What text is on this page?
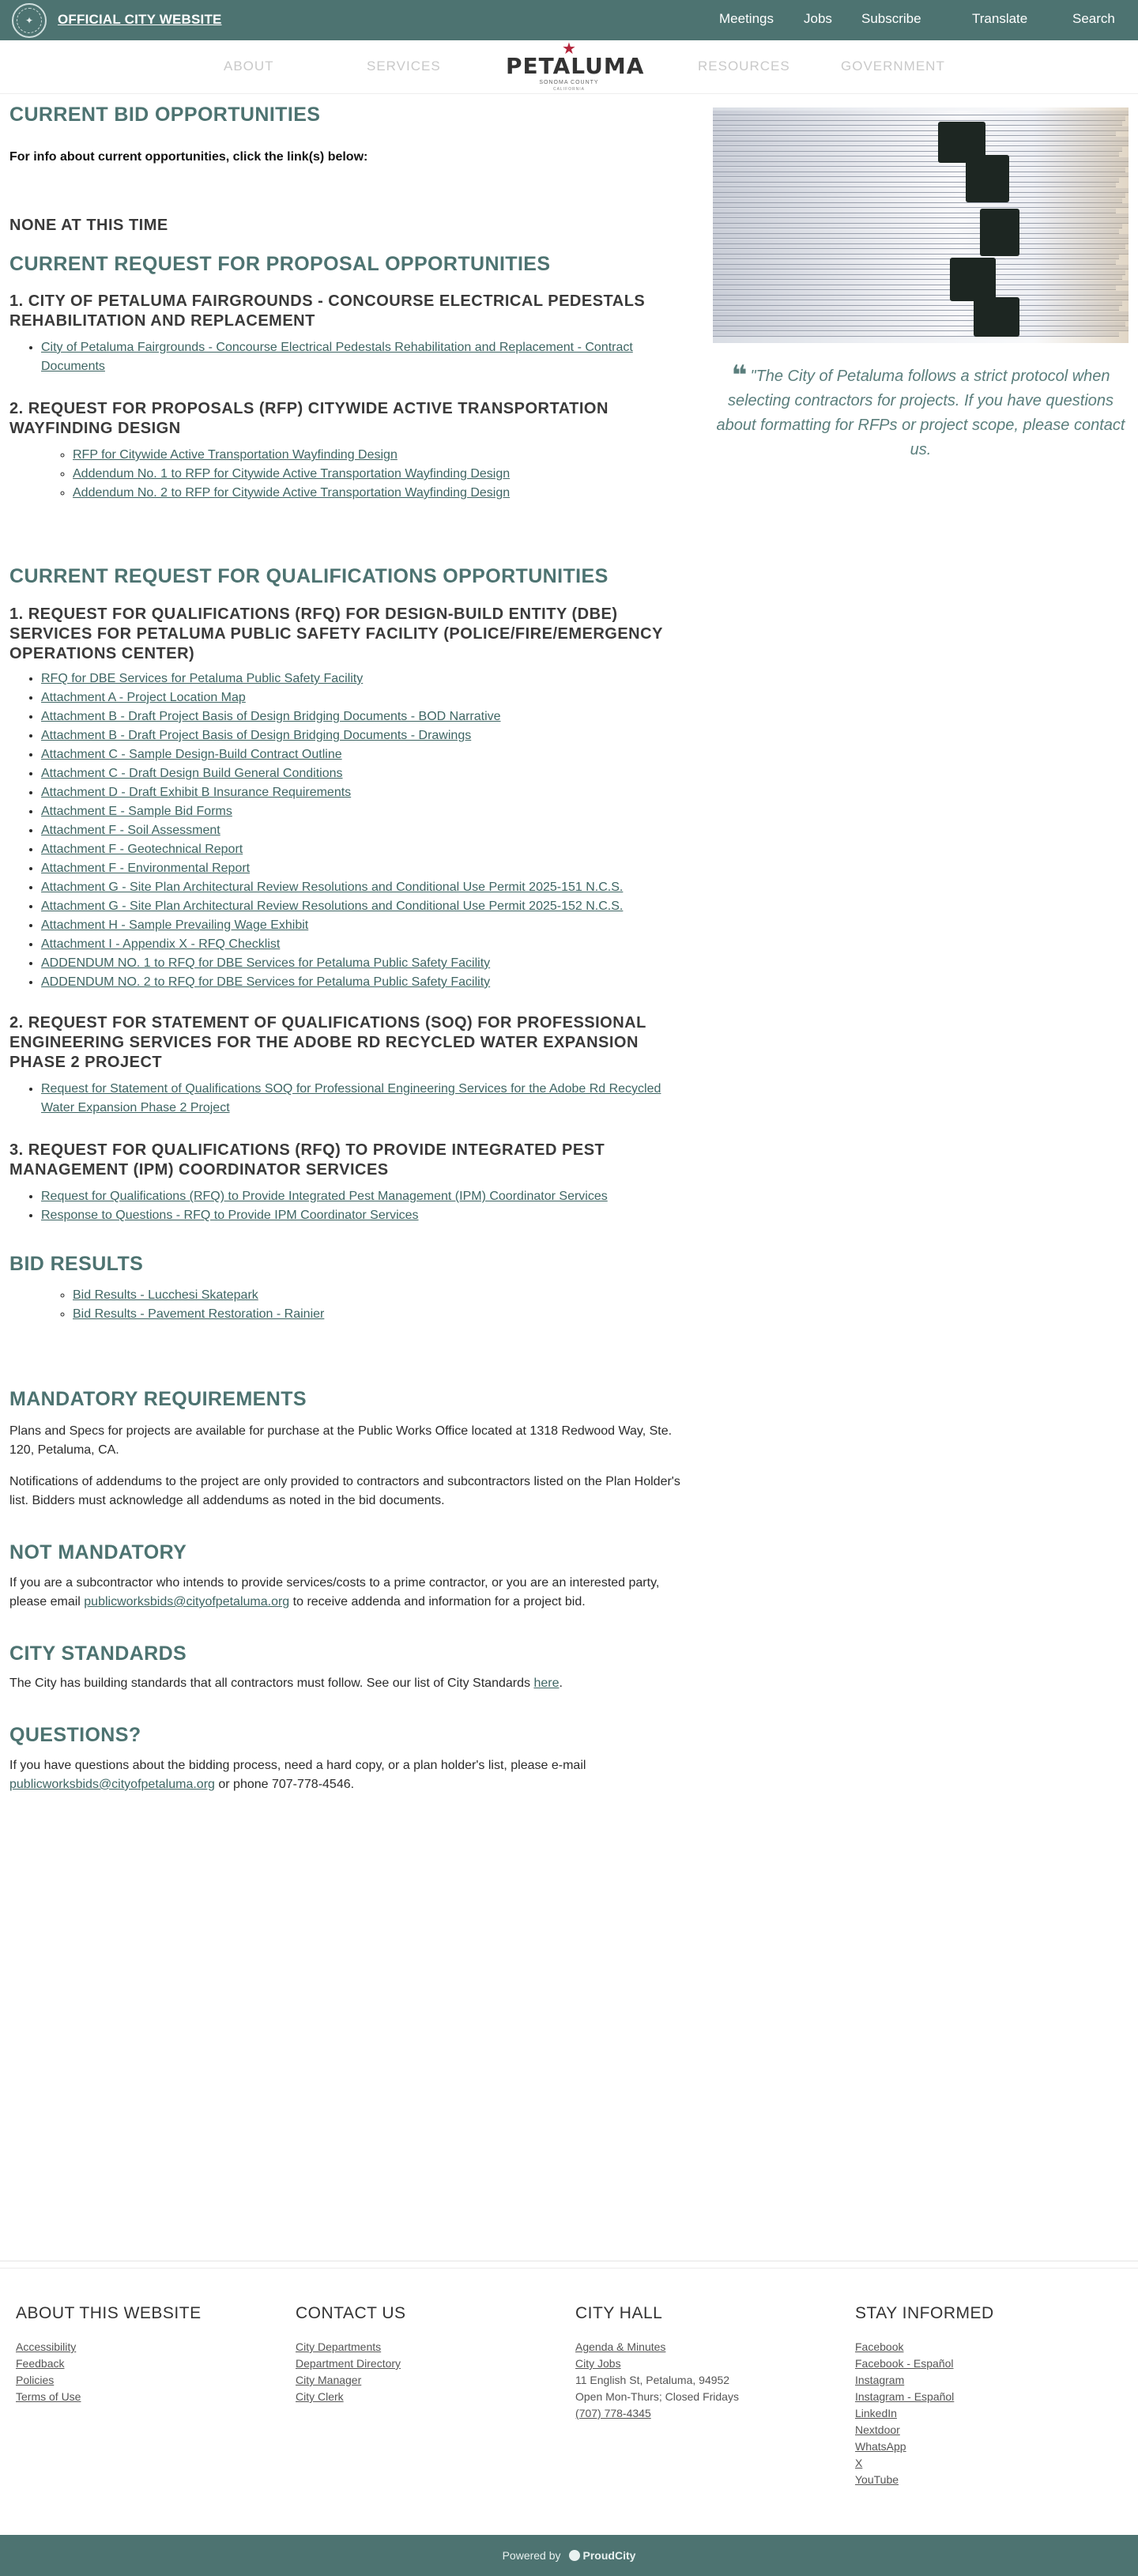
✦	OFFICIAL CITY WEBSITE	Meetings Jobs Subscribe	Translate	Search
ABOUT	SERVICES
★
PETALUMA
SONOMA COUNTY
CALIFORNIA
RESOURCES	GOVERNMENT
CURRENT BID OPPORTUNITIES
For info about current opportunities, click the link(s) below:
NONE AT THIS TIME
CURRENT REQUEST FOR PROPOSAL OPPORTUNITIES
1. CITY OF PETALUMA FAIRGROUNDS - CONCOURSE ELECTRICAL PEDESTALS REHABILITATION AND REPLACEMENT
• City of Petaluma Fairgrounds - Concourse Electrical Pedestals Rehabilitation and Replacement - Contract Documents
2. REQUEST FOR PROPOSALS (RFP) CITYWIDE ACTIVE TRANSPORTATION WAYFINDING DESIGN
◦ RFP for Citywide Active Transportation Wayfinding Design
◦ Addendum No. 1 to RFP for Citywide Active Transportation Wayfinding Design
◦ Addendum No. 2 to RFP for Citywide Active Transportation Wayfinding Design
CURRENT REQUEST FOR QUALIFICATIONS OPPORTUNITIES
1. REQUEST FOR QUALIFICATIONS (RFQ) FOR DESIGN-BUILD ENTITY (DBE) SERVICES FOR PETALUMA PUBLIC SAFETY FACILITY (POLICE/FIRE/EMERGENCY OPERATIONS CENTER)
• RFQ for DBE Services for Petaluma Public Safety Facility
• Attachment A - Project Location Map
• Attachment B - Draft Project Basis of Design Bridging Documents - BOD Narrative
• Attachment B - Draft Project Basis of Design Bridging Documents - Drawings
• Attachment C - Sample Design-Build Contract Outline
• Attachment C - Draft Design Build General Conditions
• Attachment D - Draft Exhibit B Insurance Requirements
• Attachment E - Sample Bid Forms
• Attachment F - Soil Assessment
• Attachment F - Geotechnical Report
• Attachment F - Environmental Report
• Attachment G - Site Plan Architectural Review Resolutions and Conditional Use Permit 2025-151 N.C.S.
• Attachment G - Site Plan Architectural Review Resolutions and Conditional Use Permit 2025-152 N.C.S.
• Attachment H - Sample Prevailing Wage Exhibit
• Attachment I - Appendix X - RFQ Checklist
• ADDENDUM NO. 1 to RFQ for DBE Services for Petaluma Public Safety Facility
• ADDENDUM NO. 2 to RFQ for DBE Services for Petaluma Public Safety Facility
2. REQUEST FOR STATEMENT OF QUALIFICATIONS (SOQ) FOR PROFESSIONAL ENGINEERING SERVICES FOR THE ADOBE RD RECYCLED WATER EXPANSION PHASE 2 PROJECT
• Request for Statement of Qualifications SOQ for Professional Engineering Services for the Adobe Rd Recycled Water Expansion Phase 2 Project
3. REQUEST FOR QUALIFICATIONS (RFQ) TO PROVIDE INTEGRATED PEST MANAGEMENT (IPM) COORDINATOR SERVICES
• Request for Qualifications (RFQ) to Provide Integrated Pest Management (IPM) Coordinator Services
• Response to Questions - RFQ to Provide IPM Coordinator Services
BID RESULTS
◦ Bid Results - Lucchesi Skatepark
◦ Bid Results - Pavement Restoration - Rainier
MANDATORY REQUIREMENTS

Plans and Specs for projects are available for purchase at the Public Works Office located at 1318 Redwood Way, Ste. 120, Petaluma, CA.

Notifications of addendums to the project are only provided to contractors and subcontractors listed on the Plan Holder's list. Bidders must acknowledge all addendums as noted in the bid documents.

NOT MANDATORY

If you are a subcontractor who intends to provide services/costs to a prime contractor, or you are an interested party, please email publicworksbids@cityofpetaluma.org to receive addenda and information for a project bid.

CITY STANDARDS

The City has building standards that all contractors must follow. See our list of City Standards here.

QUESTIONS?

If you have questions about the bidding process, need a hard copy, or a plan holder's list, please e-mail publicworksbids@cityofpetaluma.org or phone 707-778-4546.

❝ "The City of Petaluma follows a strict protocol when selecting contractors for projects. If you have questions about formatting for RFPs or project scope, please contact us.
ABOUT THIS WEBSITE
Accessibility
Feedback
Policies
Terms of Use
CONTACT US
City Departments
Department Directory
City Manager
City Clerk
CITY HALL
Agenda & Minutes
City Jobs
11 English St, Petaluma, 94952
Open Mon-Thurs; Closed Fridays
(707) 778-4345
STAY INFORMED
Facebook
Facebook - Español
Instagram
Instagram - Español
LinkedIn
Nextdoor
WhatsApp
X
YouTube
Powered by ProudCity
